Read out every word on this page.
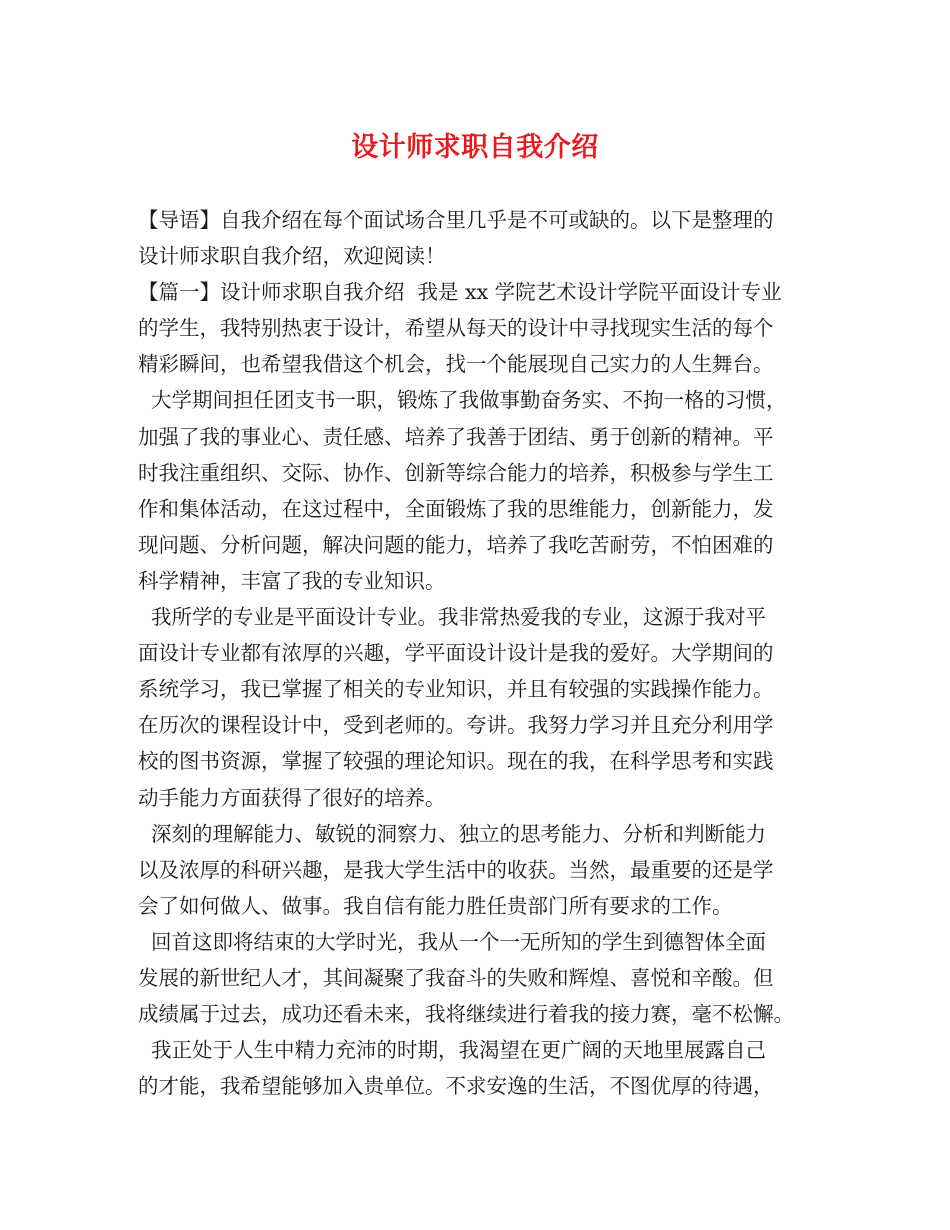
设计师求职自我介绍
【导语】自我介绍在每个面试场合里几乎是不可或缺的。以下是整理的
设计师求职自我介绍，欢迎阅读！
【篇一】设计师求职自我介绍  我是 xx 学院艺术设计学院平面设计专业
的学生，我特别热衷于设计，希望从每天的设计中寻找现实生活的每个
精彩瞬间，也希望我借这个机会，找一个能展现自己实力的人生舞台。
大学期间担任团支书一职，锻炼了我做事勤奋务实、不拘一格的习惯，
加强了我的事业心、责任感、培养了我善于团结、勇于创新的精神。平
时我注重组织、交际、协作、创新等综合能力的培养，积极参与学生工
作和集体活动，在这过程中，全面锻炼了我的思维能力，创新能力，发
现问题、分析问题，解决问题的能力，培养了我吃苦耐劳，不怕困难的
科学精神，丰富了我的专业知识。
我所学的专业是平面设计专业。我非常热爱我的专业，这源于我对平
面设计专业都有浓厚的兴趣，学平面设计设计是我的爱好。大学期间的
系统学习，我已掌握了相关的专业知识，并且有较强的实践操作能力。
在历次的课程设计中，受到老师的。夸讲。我努力学习并且充分利用学
校的图书资源，掌握了较强的理论知识。现在的我，在科学思考和实践
动手能力方面获得了很好的培养。
深刻的理解能力、敏锐的洞察力、独立的思考能力、分析和判断能力
以及浓厚的科研兴趣，是我大学生活中的收获。当然，最重要的还是学
会了如何做人、做事。我自信有能力胜任贵部门所有要求的工作。
回首这即将结束的大学时光，我从一个一无所知的学生到德智体全面
发展的新世纪人才，其间凝聚了我奋斗的失败和辉煌、喜悦和辛酸。但
成绩属于过去，成功还看未来，我将继续进行着我的接力赛，毫不松懈。
我正处于人生中精力充沛的时期，我渴望在更广阔的天地里展露自己
的才能，我希望能够加入贵单位。不求安逸的生活，不图优厚的待遇，
